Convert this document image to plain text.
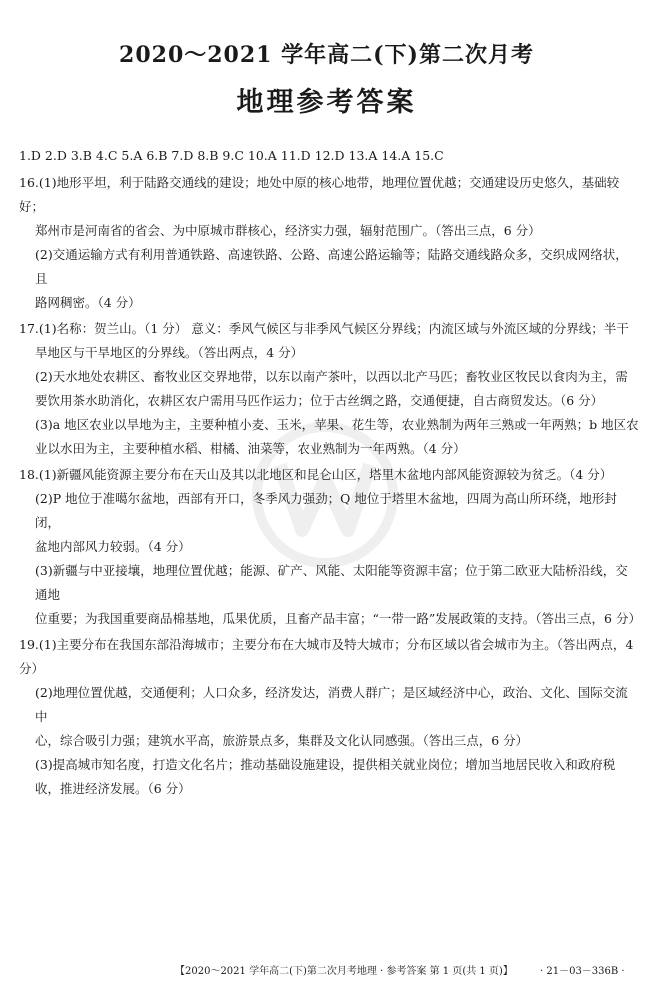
2020～2021 学年高二(下)第二次月考
地理参考答案
1.D 2.D 3.B 4.C 5.A 6.B 7.D 8.B 9.C 10.A 11.D 12.D 13.A 14.A 15.C

16.(1)地形平坦，利于陆路交通线的建设；地处中原的核心地带，地理位置优越；交通建设历史悠久，基础较好；

郑州市是河南省的省会、为中原城市群核心，经济实力强，辐射范围广。（答出三点，6 分）

(2)交通运输方式有利用普通铁路、高速铁路、公路、高速公路运输等；陆路交通线路众多，交织成网络状，且

路网稠密。（4 分）

17.(1)名称：贺兰山。（1 分） 意义：季风气候区与非季风气候区分界线；内流区域与外流区域的分界线；半干

旱地区与干旱地区的分界线。（答出两点，4 分）

(2)天水地处农耕区、畜牧业区交界地带，以东以南产茶叶，以西以北产马匹；畜牧业区牧民以食肉为主，需

要饮用茶水助消化，农耕区农户需用马匹作运力；位于古丝绸之路，交通便捷，自古商贸发达。（6 分）

(3)a 地区农业以旱地为主，主要种植小麦、玉米，苹果、花生等，农业熟制为两年三熟或一年两熟；b 地区农

业以水田为主，主要种植水稻、柑橘、油菜等，农业熟制为一年两熟。（4 分）

18.(1)新疆风能资源主要分布在天山及其以北地区和昆仑山区，塔里木盆地内部风能资源较为贫乏。（4 分）

(2)P 地位于准噶尔盆地，西部有开口，冬季风力强劲；Q 地位于塔里木盆地，四周为高山所环绕，地形封闭，

盆地内部风力较弱。（4 分）

(3)新疆与中亚接壤，地理位置优越；能源、矿产、风能、太阳能等资源丰富；位于第二欧亚大陆桥沿线，交通地

位重要；为我国重要商品棉基地，瓜果优质，且畜产品丰富；“一带一路”发展政策的支持。（答出三点，6 分）

19.(1)主要分布在我国东部沿海城市；主要分布在大城市及特大城市；分布区域以省会城市为主。（答出两点，4 分）

(2)地理位置优越，交通便利；人口众多，经济发达，消费人群广；是区域经济中心，政治、文化、国际交流中

心，综合吸引力强；建筑水平高，旅游景点多，集群及文化认同感强。（答出三点，6 分）

(3)提高城市知名度，打造文化名片；推动基础设施建设，提供相关就业岗位；增加当地居民收入和政府税

收，推进经济发展。（6 分）

【2020～2021 学年高二(下)第二次月考地理 · 参考答案 第 1 页(共 1 页)】	· 21－03－336B ·
